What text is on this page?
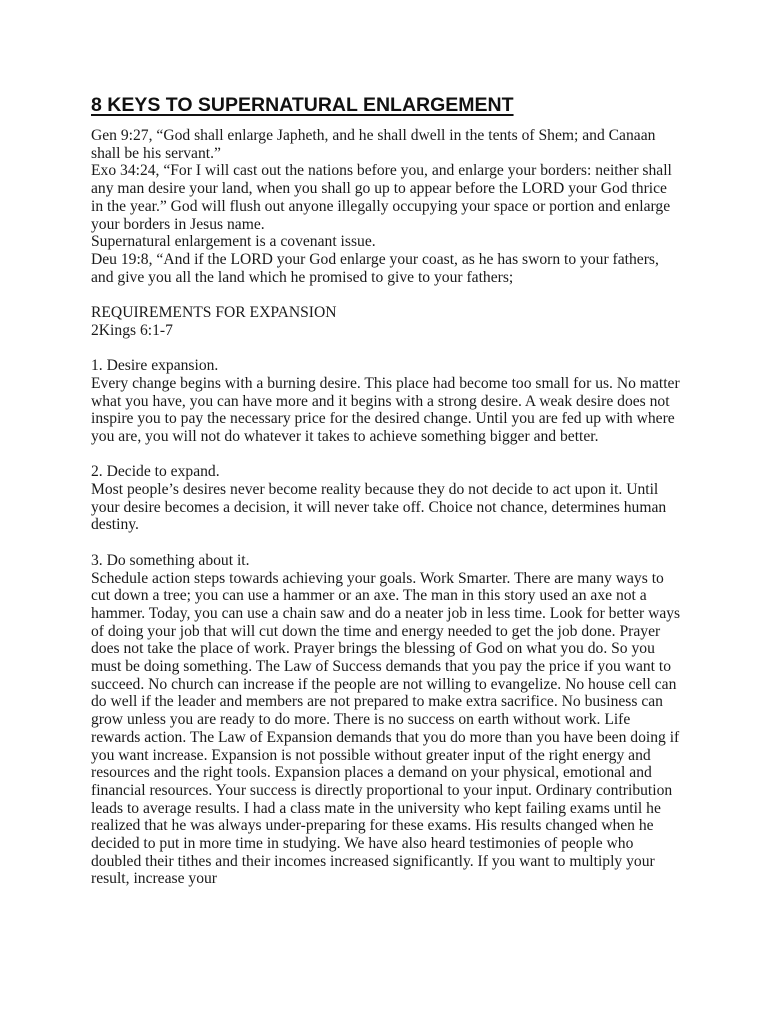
8 KEYS TO SUPERNATURAL ENLARGEMENT

Gen 9:27, “God shall enlarge Japheth, and he shall dwell in the tents of Shem; and Canaan shall be his servant.”

Exo 34:24, “For I will cast out the nations before you, and enlarge your borders: neither shall any man desire your land, when you shall go up to appear before the LORD your God thrice in the year.” God will flush out anyone illegally occupying your space or portion and enlarge your borders in Jesus name.

Supernatural enlargement is a covenant issue.

Deu 19:8, “And if the LORD your God enlarge your coast, as he has sworn to your fathers, and give you all the land which he promised to give to your fathers;

REQUIREMENTS FOR EXPANSION

2Kings 6:1-7

1. Desire expansion.

Every change begins with a burning desire. This place had become too small for us. No matter what you have, you can have more and it begins with a strong desire. A weak desire does not inspire you to pay the necessary price for the desired change. Until you are fed up with where you are, you will not do whatever it takes to achieve something bigger and better.

2. Decide to expand.

Most people’s desires never become reality because they do not decide to act upon it. Until your desire becomes a decision, it will never take off. Choice not chance, determines human destiny.

3. Do something about it.

Schedule action steps towards achieving your goals. Work Smarter. There are many ways to cut down a tree; you can use a hammer or an axe. The man in this story used an axe not a hammer. Today, you can use a chain saw and do a neater job in less time. Look for better ways of doing your job that will cut down the time and energy needed to get the job done. Prayer does not take the place of work. Prayer brings the blessing of God on what you do. So you must be doing something. The Law of Success demands that you pay the price if you want to succeed. No church can increase if the people are not willing to evangelize. No house cell can do well if the leader and members are not prepared to make extra sacrifice. No business can grow unless you are ready to do more. There is no success on earth without work. Life rewards action. The Law of Expansion demands that you do more than you have been doing if you want increase. Expansion is not possible without greater input of the right energy and resources and the right tools. Expansion places a demand on your physical, emotional and financial resources. Your success is directly proportional to your input. Ordinary contribution leads to average results. I had a class mate in the university who kept failing exams until he realized that he was always under-preparing for these exams. His results changed when he decided to put in more time in studying. We have also heard testimonies of people who doubled their tithes and their incomes increased significantly. If you want to multiply your result, increase your
